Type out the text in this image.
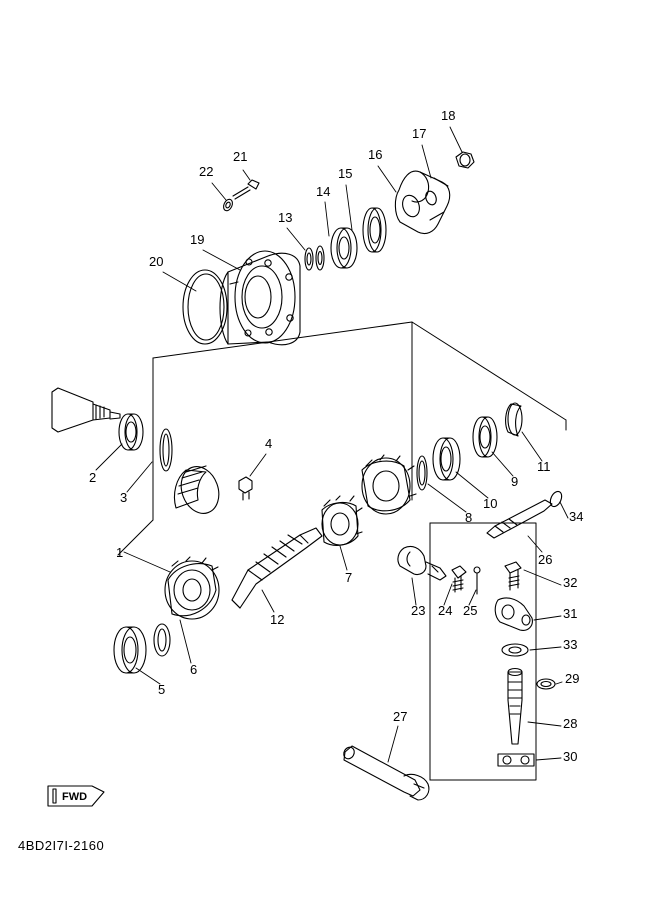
1
2
3
4
5
6
7
8
9
10
11
12
13
14
15
16
17
18
19
20
21
22
23 24 25
26
27	28
29
30
31
32
33
34
FWD
4BD2I7I-2160
